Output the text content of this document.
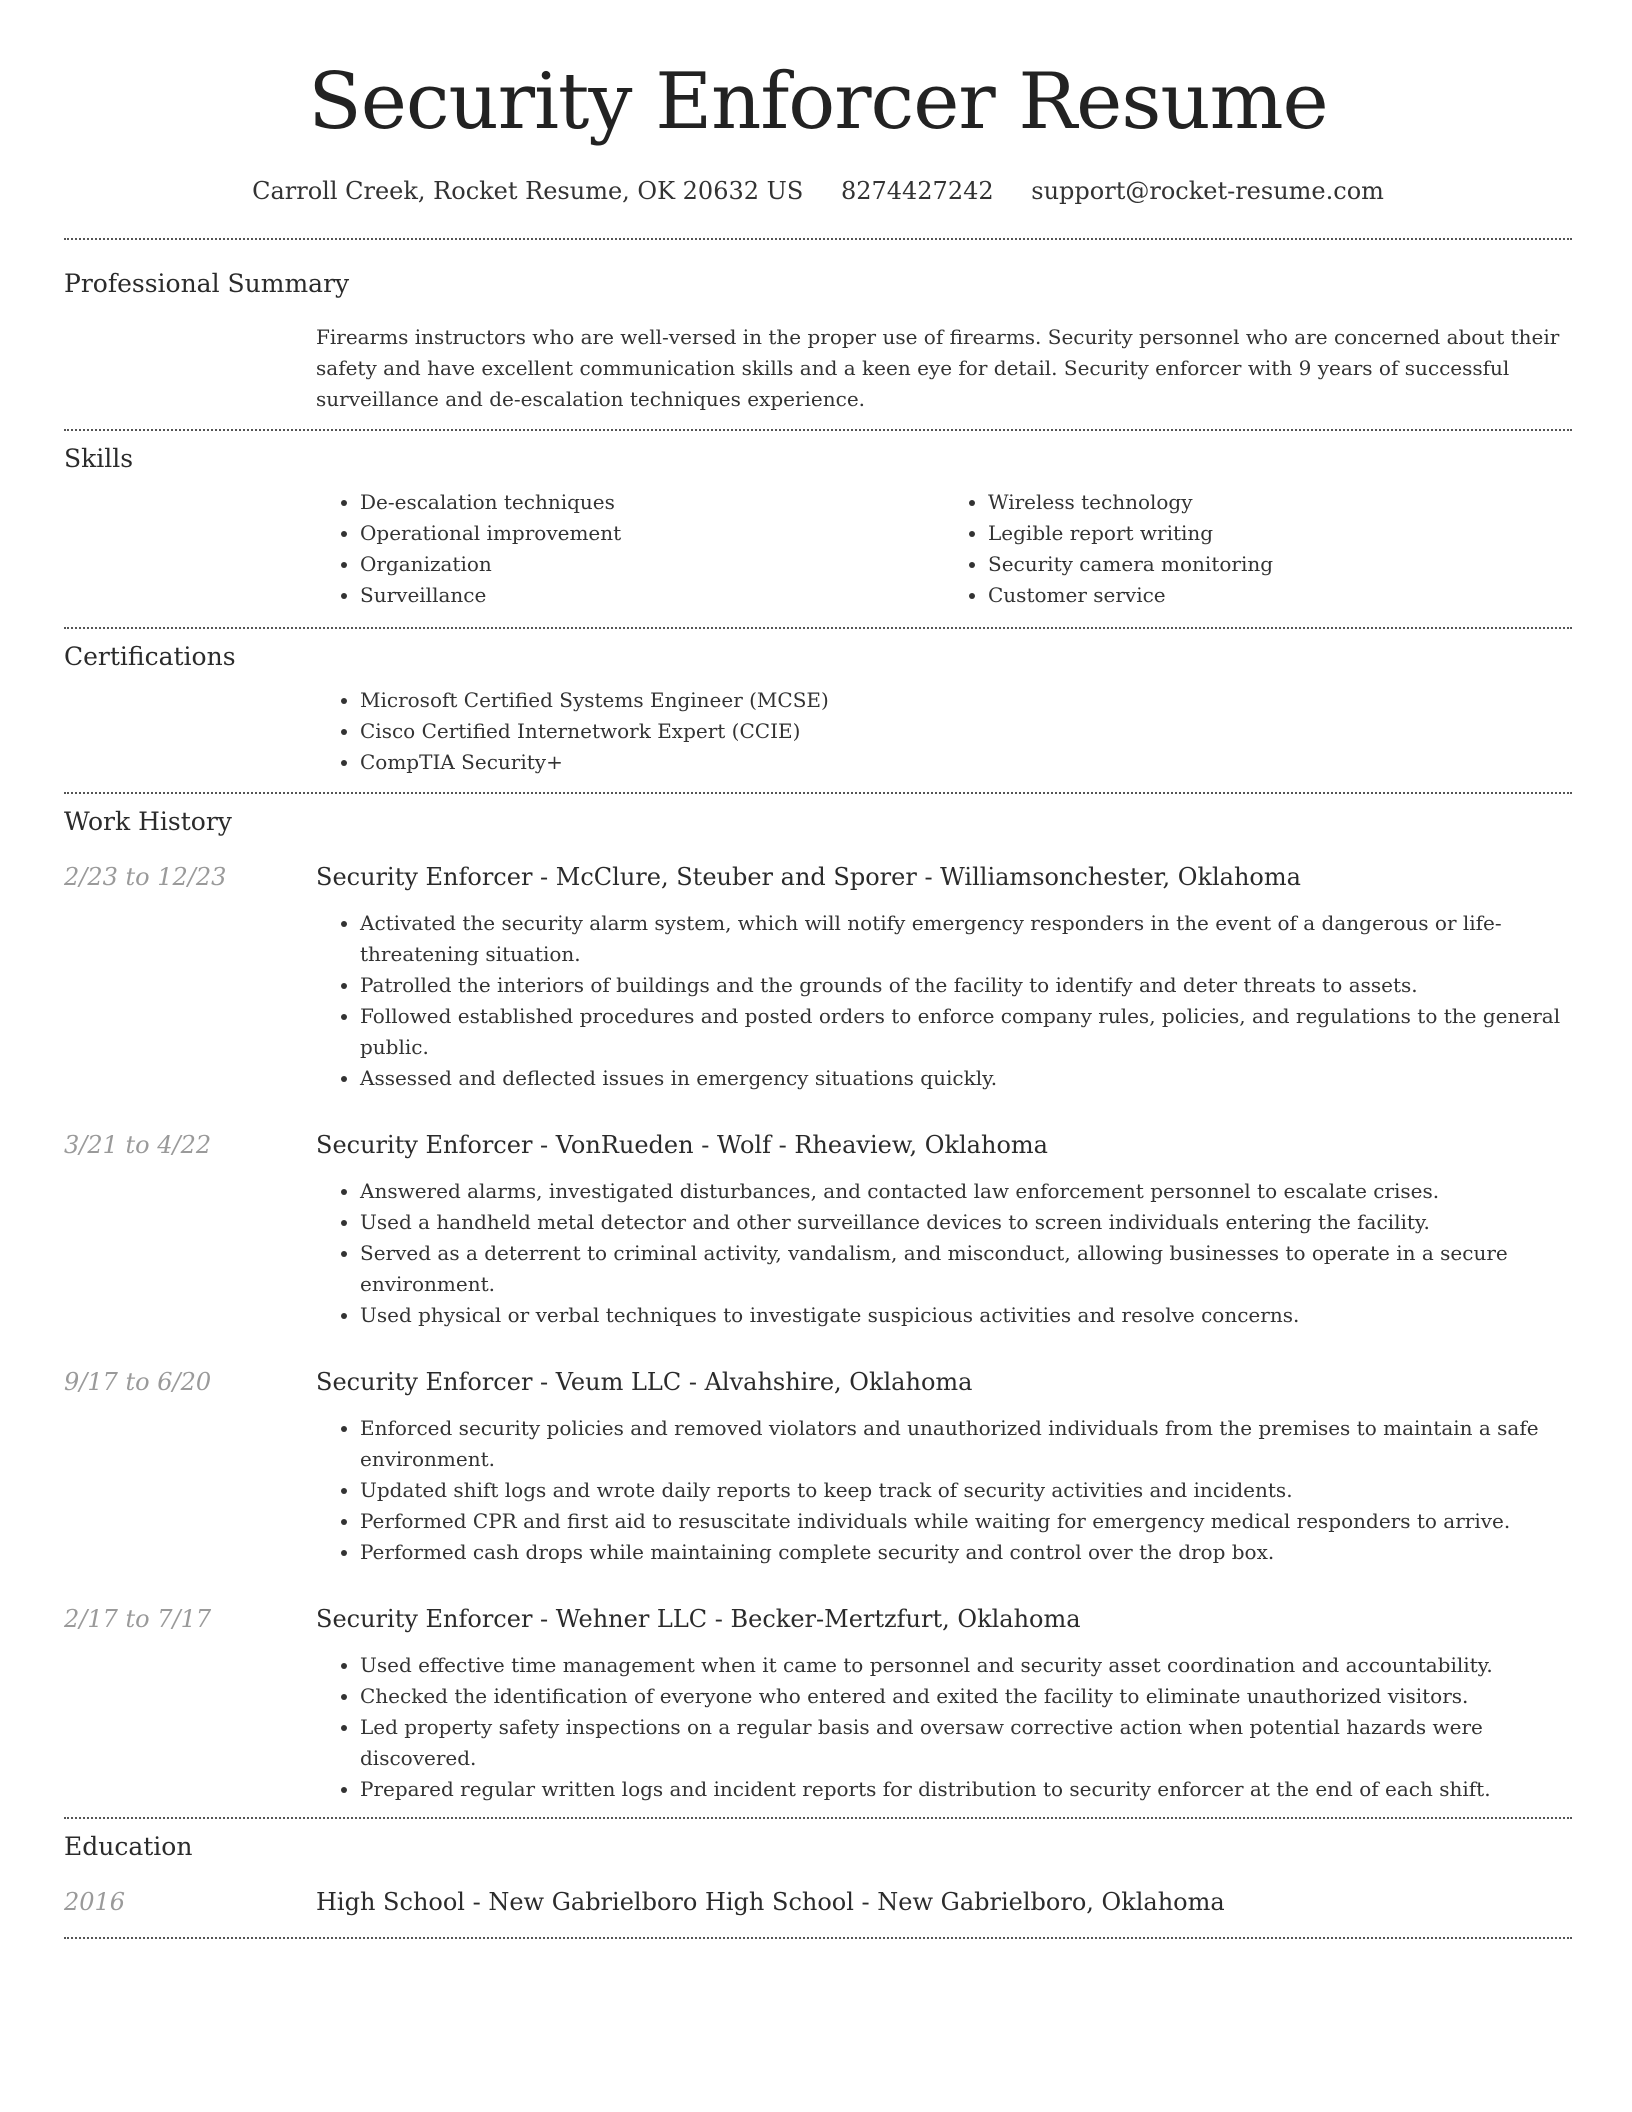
Security Enforcer Resume
Carroll Creek, Rocket Resume, OK 20632 US 8274427242 support@rocket-resume.com
Professional Summary

Firearms instructors who are well-versed in the proper use of firearms. Security personnel who are concerned about their safety and have excellent communication skills and a keen eye for detail. Security enforcer with 9 years of successful surveillance and de-escalation techniques experience.

Skills
• De-escalation techniques
• Operational improvement
• Organization
• Surveillance
• Wireless technology
• Legible report writing
• Security camera monitoring
• Customer service
Certifications
• Microsoft Certified Systems Engineer (MCSE)
• Cisco Certified Internetwork Expert (CCIE)
• CompTIA Security+
Work History
2/23 to 12/23	Security Enforcer - McClure, Steuber and Sporer - Williamsonchester, Oklahoma
• Activated the security alarm system, which will notify emergency responders in the event of a dangerous or life-threatening situation.
• Patrolled the interiors of buildings and the grounds of the facility to identify and deter threats to assets.
• Followed established procedures and posted orders to enforce company rules, policies, and regulations to the general public.
• Assessed and deflected issues in emergency situations quickly.
3/21 to 4/22	Security Enforcer - VonRueden - Wolf - Rheaview, Oklahoma
• Answered alarms, investigated disturbances, and contacted law enforcement personnel to escalate crises.
• Used a handheld metal detector and other surveillance devices to screen individuals entering the facility.
• Served as a deterrent to criminal activity, vandalism, and misconduct, allowing businesses to operate in a secure environment.
• Used physical or verbal techniques to investigate suspicious activities and resolve concerns.
9/17 to 6/20	Security Enforcer - Veum LLC - Alvahshire, Oklahoma
• Enforced security policies and removed violators and unauthorized individuals from the premises to maintain a safe environment.
• Updated shift logs and wrote daily reports to keep track of security activities and incidents.
• Performed CPR and first aid to resuscitate individuals while waiting for emergency medical responders to arrive.
• Performed cash drops while maintaining complete security and control over the drop box.
2/17 to 7/17	Security Enforcer - Wehner LLC - Becker-Mertzfurt, Oklahoma
• Used effective time management when it came to personnel and security asset coordination and accountability.
• Checked the identification of everyone who entered and exited the facility to eliminate unauthorized visitors.
• Led property safety inspections on a regular basis and oversaw corrective action when potential hazards were discovered.
• Prepared regular written logs and incident reports for distribution to security enforcer at the end of each shift.
Education
2016	High School - New Gabrielboro High School - New Gabrielboro, Oklahoma
